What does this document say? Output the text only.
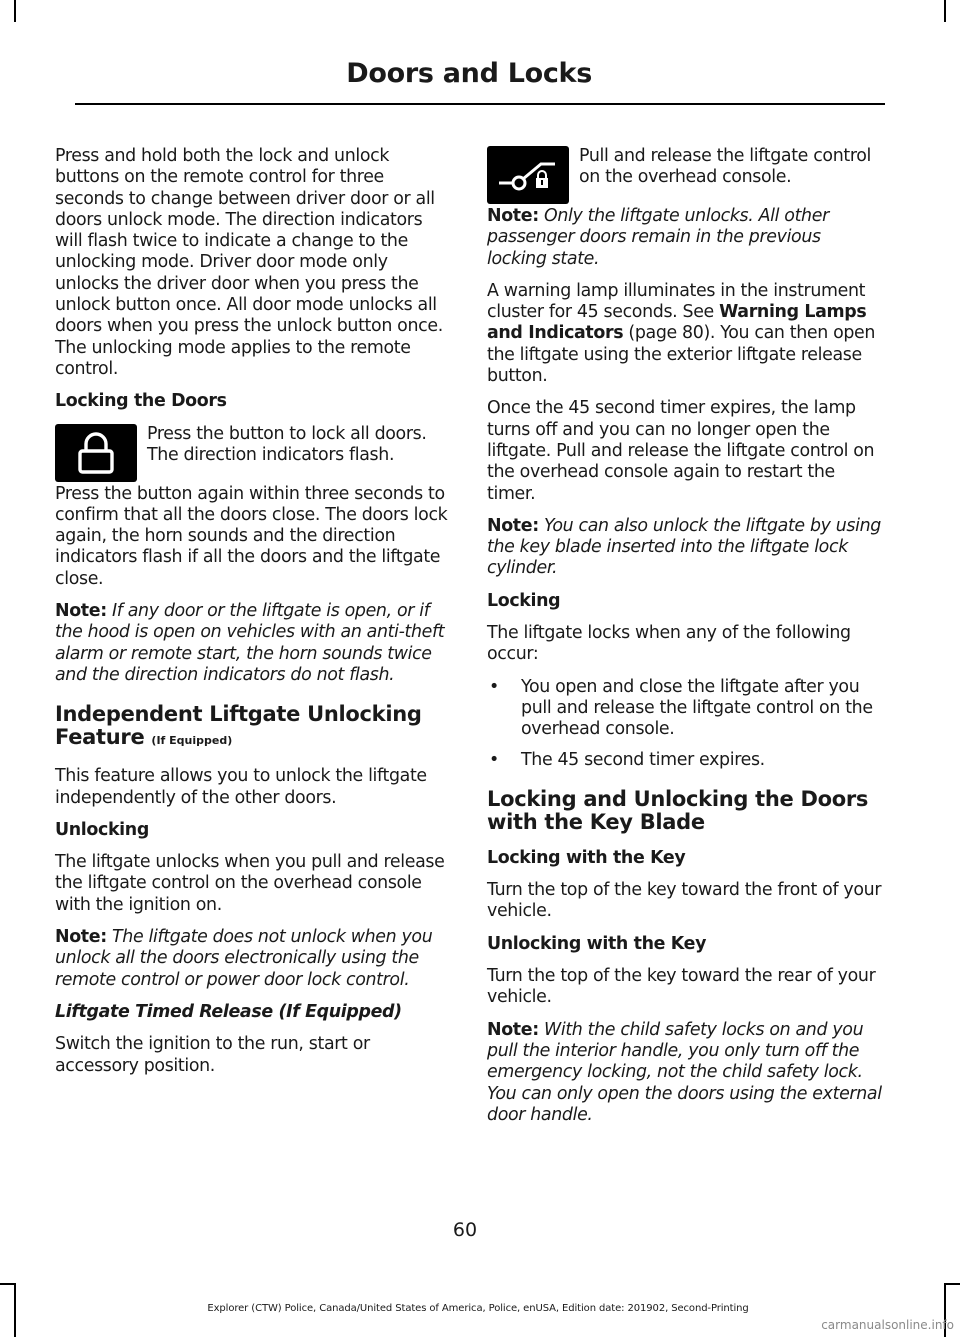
Doors and Locks

Press and hold both the lock and unlock buttons on the remote control for three seconds to change between driver door or all doors unlock mode. The direction indicators will flash twice to indicate a change to the unlocking mode. Driver door mode only unlocks the driver door when you press the unlock button once. All door mode unlocks all doors when you press the unlock button once. The unlocking mode applies to the remote control.

Locking the Doors

Press the button to lock all doors. The direction indicators flash.

Press the button again within three seconds to confirm that all the doors close. The doors lock again, the horn sounds and the direction indicators flash if all the doors and the liftgate close.

Note: If any door or the liftgate is open, or if the hood is open on vehicles with an anti-theft alarm or remote start, the horn sounds twice and the direction indicators do not flash.

Independent Liftgate Unlocking Feature (If Equipped)

This feature allows you to unlock the liftgate independently of the other doors.

Unlocking

The liftgate unlocks when you pull and release the liftgate control on the overhead console with the ignition on.

Note: The liftgate does not unlock when you unlock all the doors electronically using the remote control or power door lock control.

Liftgate Timed Release (If Equipped)

Switch the ignition to the run, start or accessory position.

Pull and release the liftgate control on the overhead console.

Note: Only the liftgate unlocks. All other passenger doors remain in the previous locking state.

A warning lamp illuminates in the instrument cluster for 45 seconds. See Warning Lamps and Indicators (page 80). You can then open the liftgate using the exterior liftgate release button.

Once the 45 second timer expires, the lamp turns off and you can no longer open the liftgate. Pull and release the liftgate control on the overhead console again to restart the timer.

Note: You can also unlock the liftgate by using the key blade inserted into the liftgate lock cylinder.

Locking

The liftgate locks when any of the following occur:

• You open and close the liftgate after you pull and release the liftgate control on the overhead console.
• The 45 second timer expires.
Locking and Unlocking the Doors with the Key Blade

Locking with the Key

Turn the top of the key toward the front of your vehicle.

Unlocking with the Key

Turn the top of the key toward the rear of your vehicle.

Note: With the child safety locks on and you pull the interior handle, you only turn off the emergency locking, not the child safety lock. You can only open the doors using the external door handle.

60
Explorer (CTW) Police, Canada/United States of America, Police, enUSA, Edition date: 201902, Second-Printing
carmanualsonline.info
